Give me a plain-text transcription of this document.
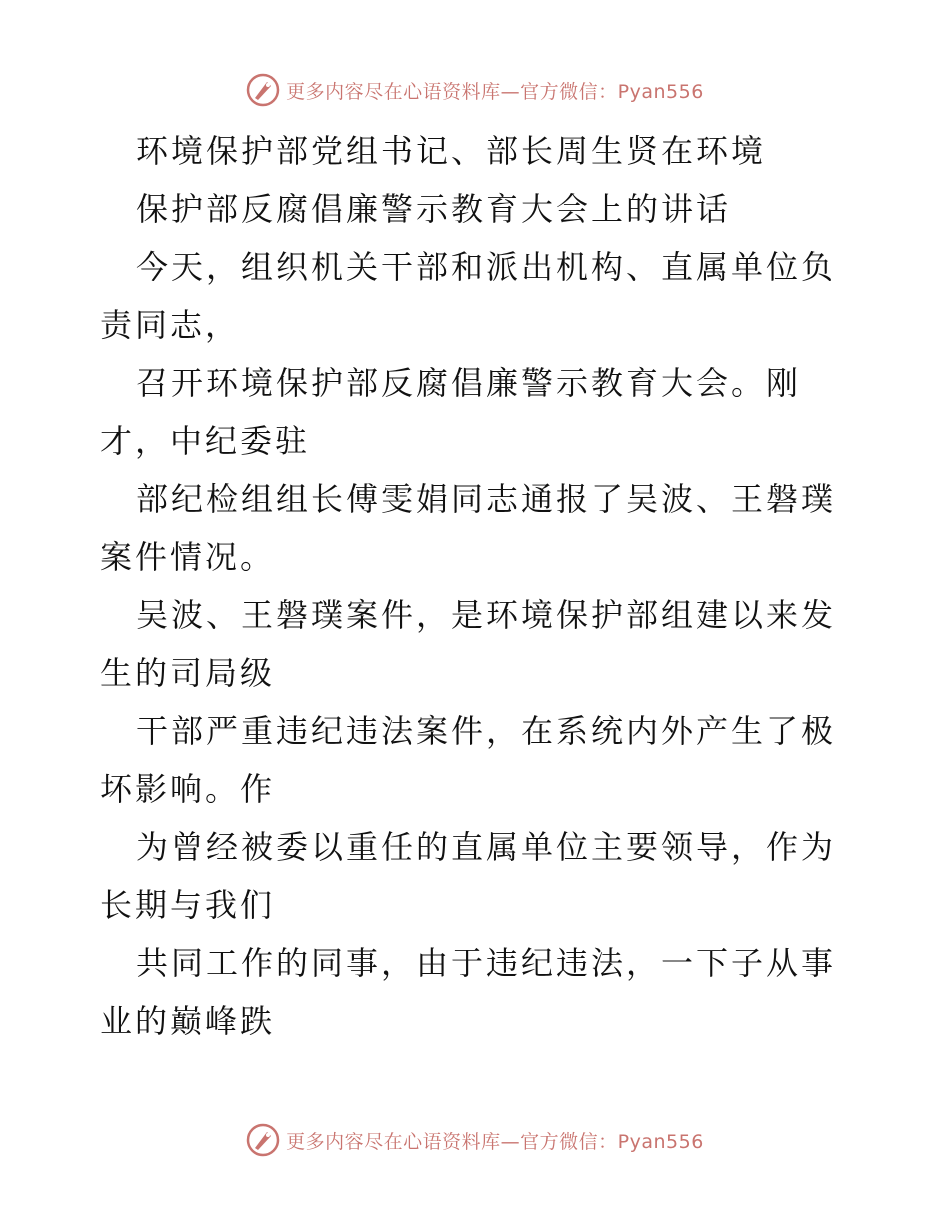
更多内容尽在心语资料库—官方微信：Pyan556

环境保护部党组书记、部长周生贤在环境

保护部反腐倡廉警示教育大会上的讲话

今天，组织机关干部和派出机构、直属单位负责同志，

召开环境保护部反腐倡廉警示教育大会。刚才，中纪委驻

部纪检组组长傅雯娟同志通报了吴波、王磐璞案件情况。

吴波、王磐璞案件，是环境保护部组建以来发生的司局级

干部严重违纪违法案件，在系统内外产生了极坏影响。作

为曾经被委以重任的直属单位主要领导，作为长期与我们

共同工作的同事，由于违纪违法，一下子从事业的巅峰跌

更多内容尽在心语资料库—官方微信：Pyan556
